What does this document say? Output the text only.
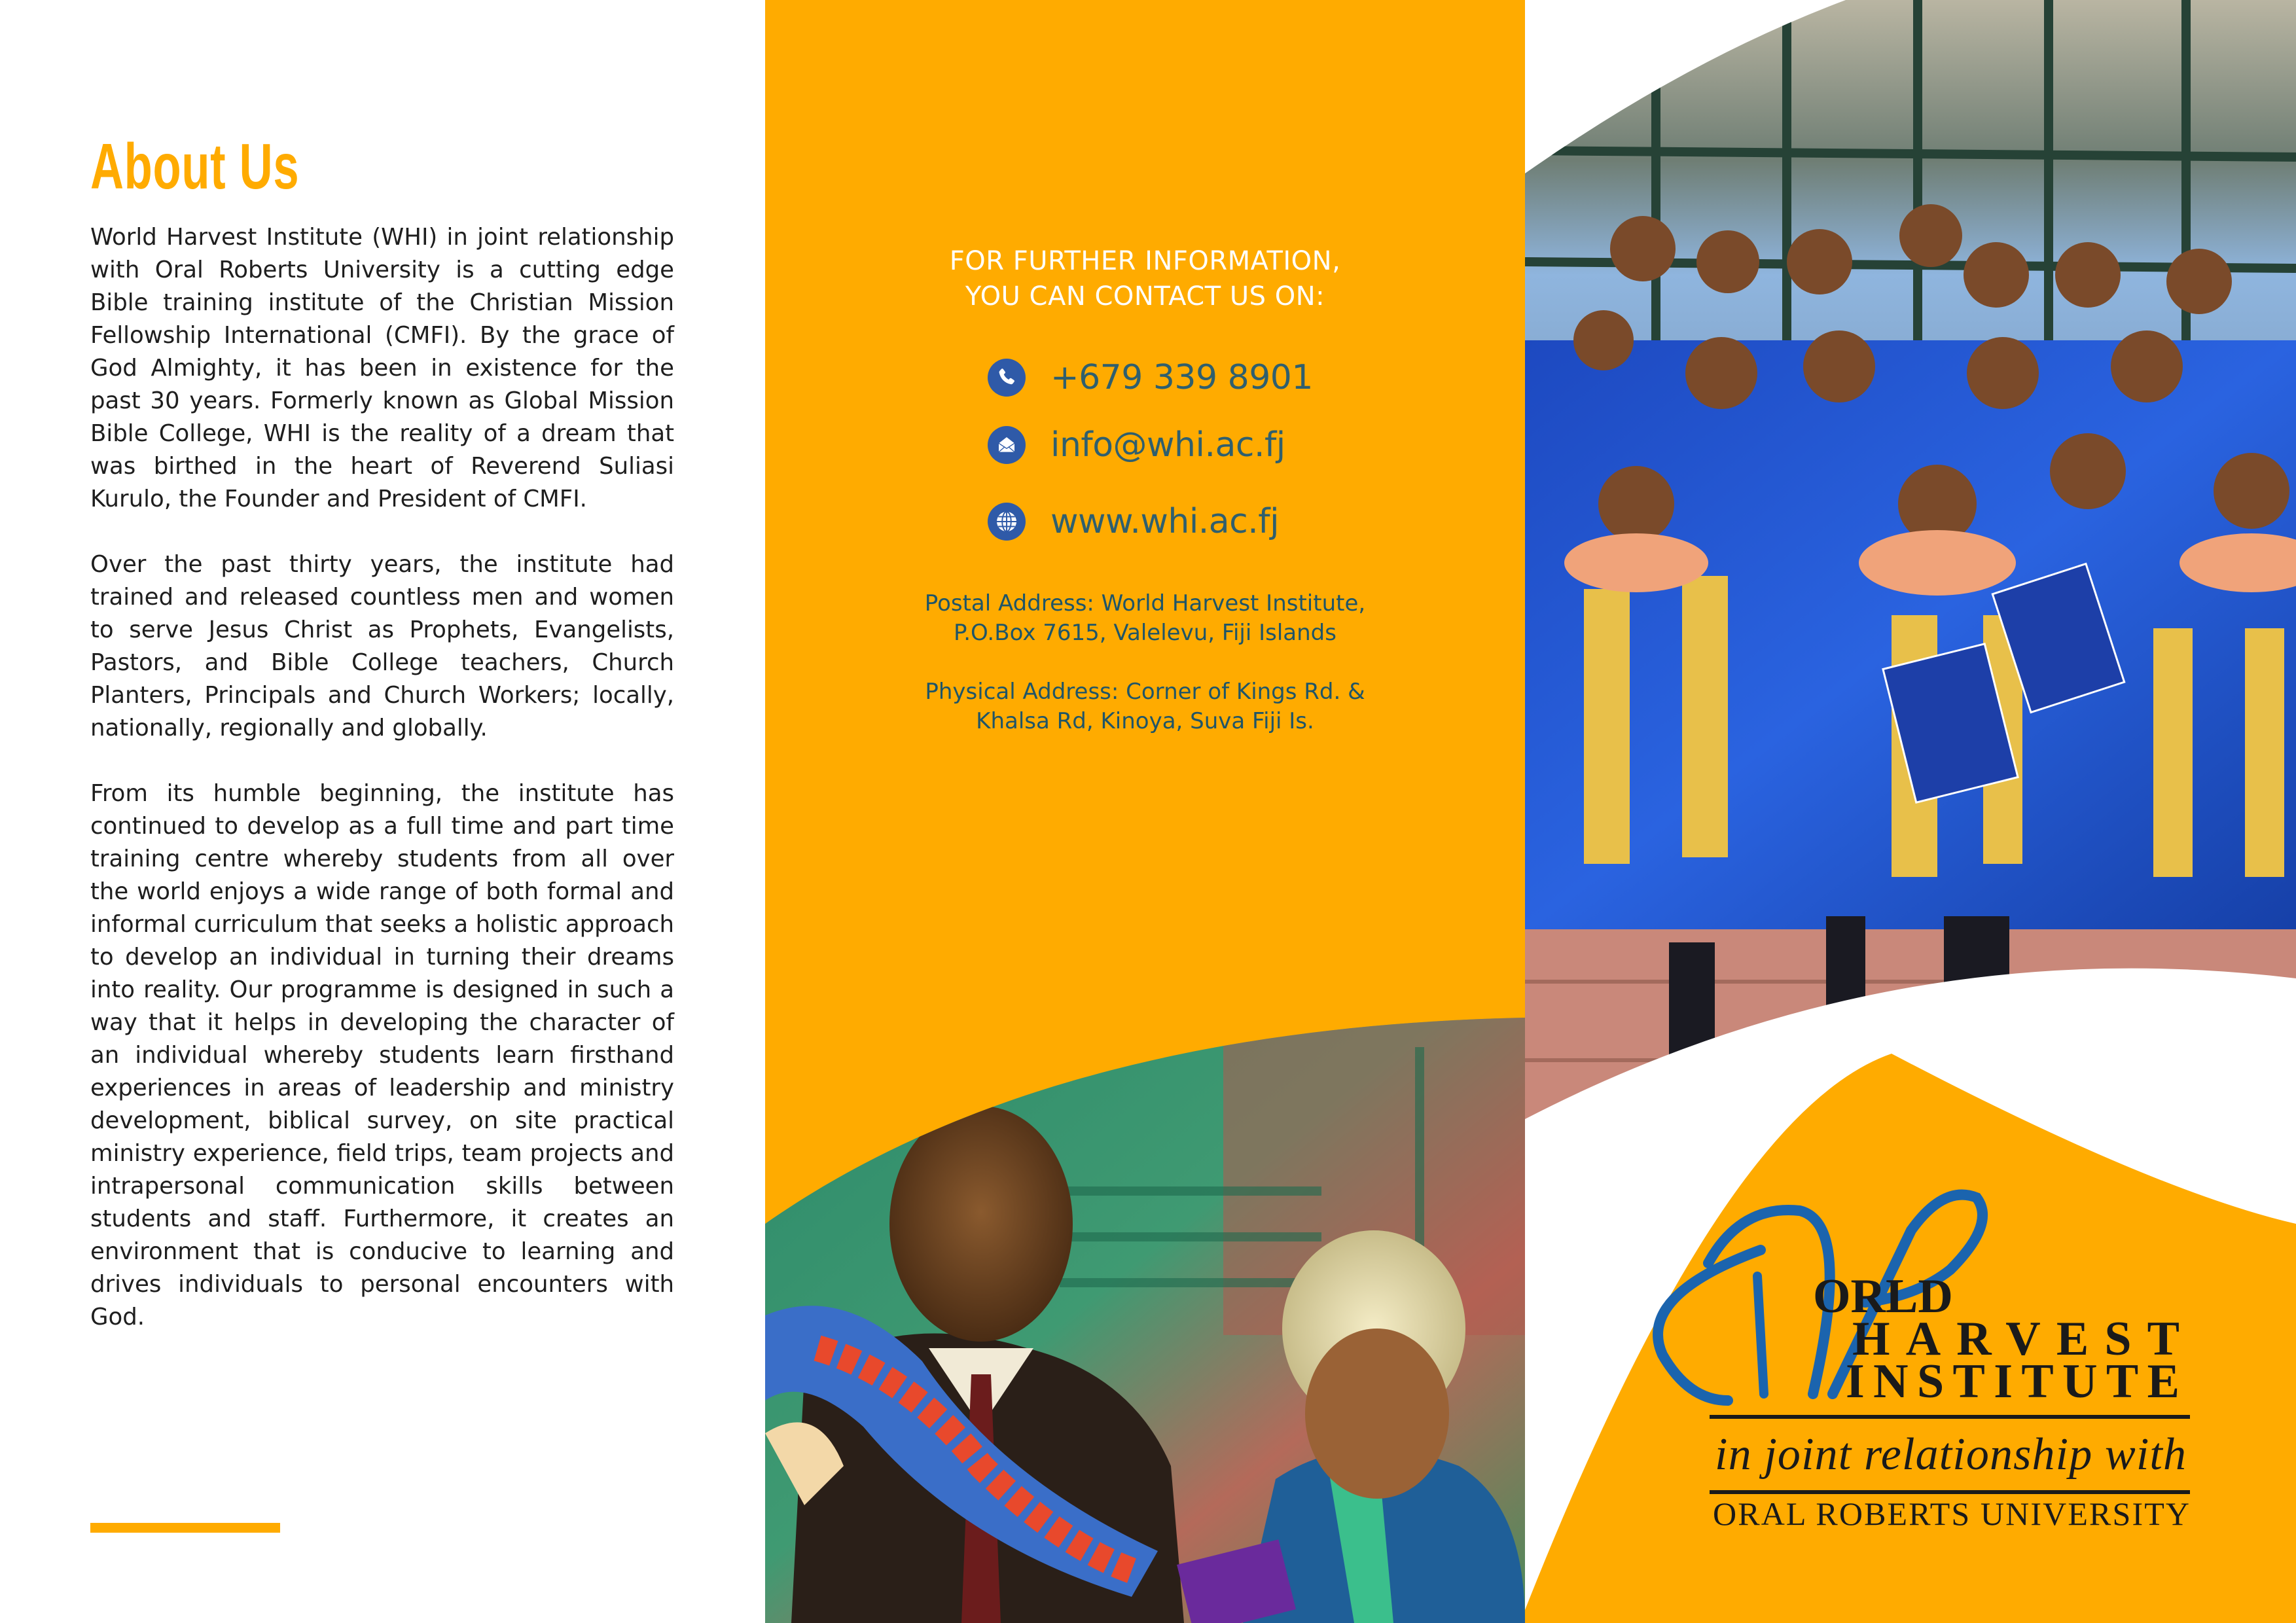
About Us

World Harvest Institute (WHI) in joint relationship with Oral Roberts University is a cutting edge Bible training institute of the Christian Mission Fellowship International (CMFI). By the grace of God Almighty, it has been in existence for the past 30 years. Formerly known as Global Mission Bible College, WHI is the reality of a dream that was birthed in the heart of Reverend Suliasi Kurulo, the Founder and President of CMFI.

Over the past thirty years, the institute had trained and released countless men and women to serve Jesus Christ as Prophets, Evangelists, Pastors, and Bible College teachers, Church Planters, Principals and Church Workers; locally, nationally, regionally and globally.

From its humble beginning, the institute has continued to develop as a full time and part time training centre whereby students from all over the world enjoys a wide range of both formal and informal curriculum that seeks a holistic approach to develop an individual in turning their dreams into reality. Our programme is designed in such a way that it helps in developing the character of an individual whereby students learn firsthand experiences in areas of leadership and ministry development, biblical survey, on site practical ministry experience, field trips, team projects and intrapersonal communication skills between students and staff. Furthermore, it creates an environment that is conducive to learning and drives individuals to personal encounters with God.

FOR FURTHER INFORMATION,
YOU CAN CONTACT US ON:
+679 339 8901
info@whi.ac.fj
www.whi.ac.fj
Postal Address: World Harvest Institute,
P.O.Box 7615, Valelevu, Fiji Islands
Physical Address: Corner of Kings Rd. &
Khalsa Rd, Kinoya, Suva Fiji Is.
ORLD
HARVEST
INSTITUTE
in joint relationship with
ORAL ROBERTS UNIVERSITY
